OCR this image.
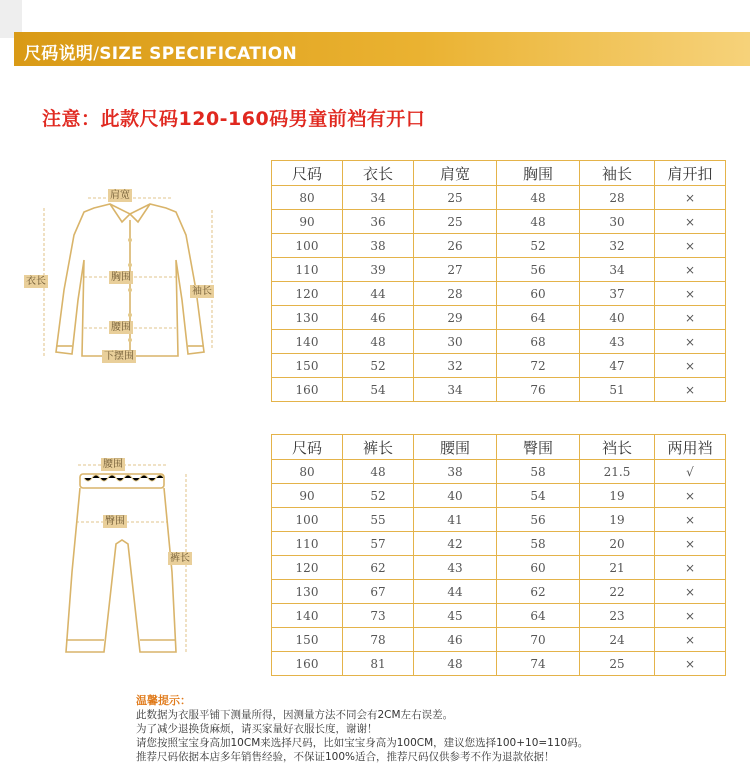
尺码说明/SIZE SPECIFICATION
注意：此款尺码120-160码男童前裆有开口
肩宽
衣长
袖长
胸围
腰围
下摆围
尺码	衣长	肩宽	胸围	袖长	肩开扣
80	34	25	48	28	×
90	36	25	48	30	×
100	38	26	52	32	×
110	39	27	56	34	×
120	44	28	60	37	×
130	46	29	64	40	×
140	48	30	68	43	×
150	52	32	72	47	×
160	54	34	76	51	×
腰围
臀围
裤长
尺码	裤长	腰围	臀围	裆长	两用裆
80	48	38	58	21.5	√
90	52	40	54	19	×
100	55	41	56	19	×
110	57	42	58	20	×
120	62	43	60	21	×
130	67	44	62	22	×
140	73	45	64	23	×
150	78	46	70	24	×
160	81	48	74	25	×
温馨提示：
此数据为衣服平铺下测量所得，因测量方法不同会有2CM左右误差。
为了减少退换货麻烦，请买家量好衣服长度，谢谢！
请您按照宝宝身高加10CM来选择尺码，比如宝宝身高为100CM，建议您选择100+10=110码。
推荐尺码依据本店多年销售经验，不保证100%适合，推荐尺码仅供参考不作为退款依据！
